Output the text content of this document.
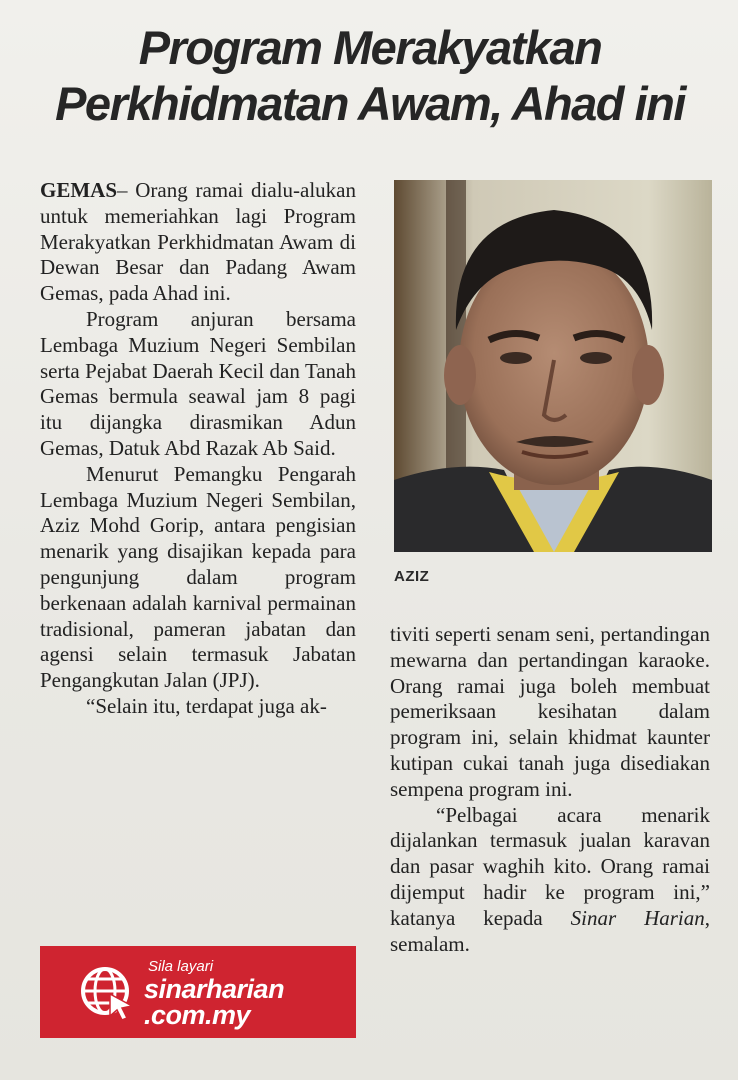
Program Merakyatkan
Perkhidmatan Awam, Ahad ini

GEMAS– Orang ramai dialu-alukan untuk memeriahkan lagi Program Merakyatkan Perkhidmatan Awam di Dewan Besar dan Padang Awam Gemas, pada Ahad ini.

Program anjuran bersama Lembaga Muzium Negeri Sembilan serta Pejabat Daerah Kecil dan Tanah Gemas bermula seawal jam 8 pagi itu dijangka dirasmikan Adun Gemas, Datuk Abd Razak Ab Said.

Menurut Pemangku Pengarah Lembaga Muzium Negeri Sembilan, Aziz Mohd Gorip, antara pengisian menarik yang disajikan kepada para pengunjung dalam program berkenaan adalah karnival permainan tradisional, pameran jabatan dan agensi selain termasuk Jabatan Pengangkutan Jalan (JPJ).

“Selain itu, terdapat juga ak-

AZIZ

tiviti seperti senam seni, pertandingan mewarna dan pertandingan karaoke. Orang ramai juga boleh membuat pemeriksaan kesihatan dalam program ini, selain khidmat kaunter kutipan cukai tanah juga disediakan sempena program ini.

“Pelbagai acara menarik dijalankan termasuk jualan karavan dan pasar waghih kito. Orang ramai dijemput hadir ke program ini,” katanya kepada Sinar Harian, semalam.

Sila layari
sinarharian
.com.my
